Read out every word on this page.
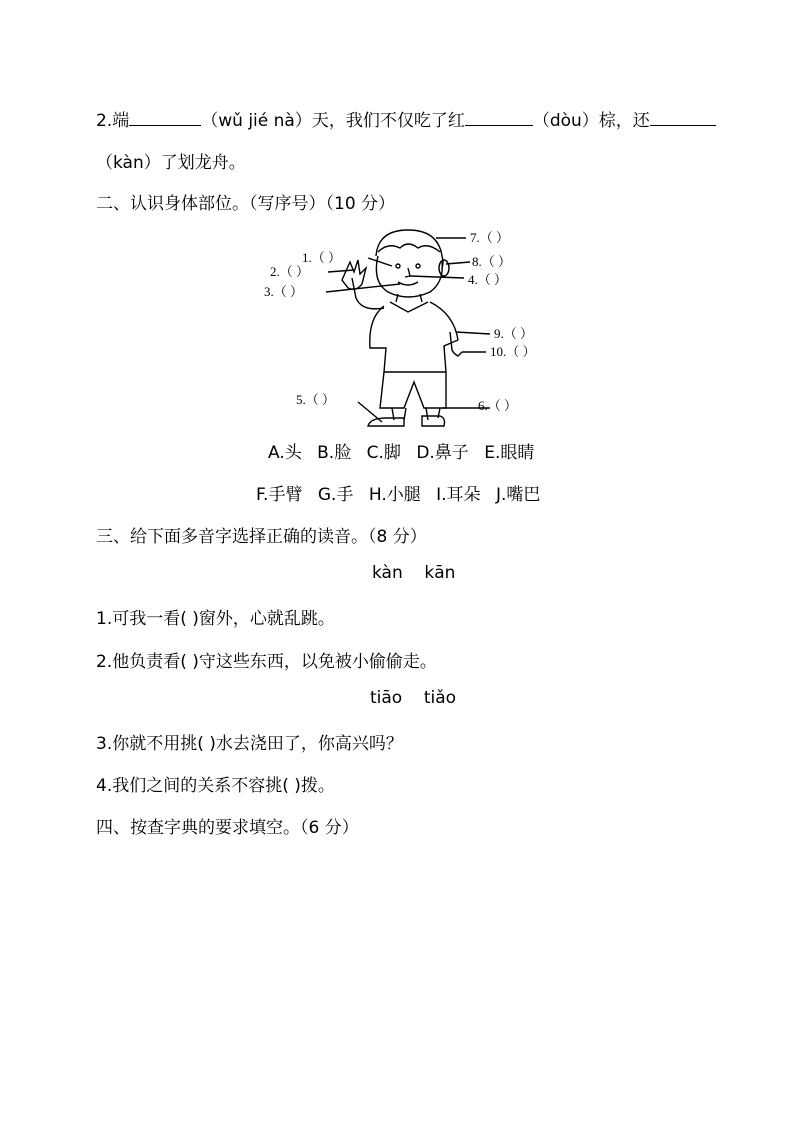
2.端	（wǔ jié nà）天，我们不仅吃了红	（dòu）棕，还
（kàn）了划龙舟。
二、认识身体部位。（写序号）（10 分）
1.（ ）
2.（ ）
3.（ ）
4.（ ）
5.（ ）	6.（ ）
7.（ ）
8.（ ）
9.（ ）
10.（ ）
A.头 B.脸 C.脚 D.鼻子 E.眼睛
F.手臂 G.手 H.小腿 I.耳朵 J.嘴巴
三、给下面多音字选择正确的读音。（8 分）
kàn    kān
1.可我一看( )窗外，心就乱跳。
2.他负责看( )守这些东西，以免被小偷偷走。
tiāo    tiǎo
3.你就不用挑( )水去浇田了，你高兴吗？
4.我们之间的关系不容挑( )拨。
四、按查字典的要求填空。（6 分）
